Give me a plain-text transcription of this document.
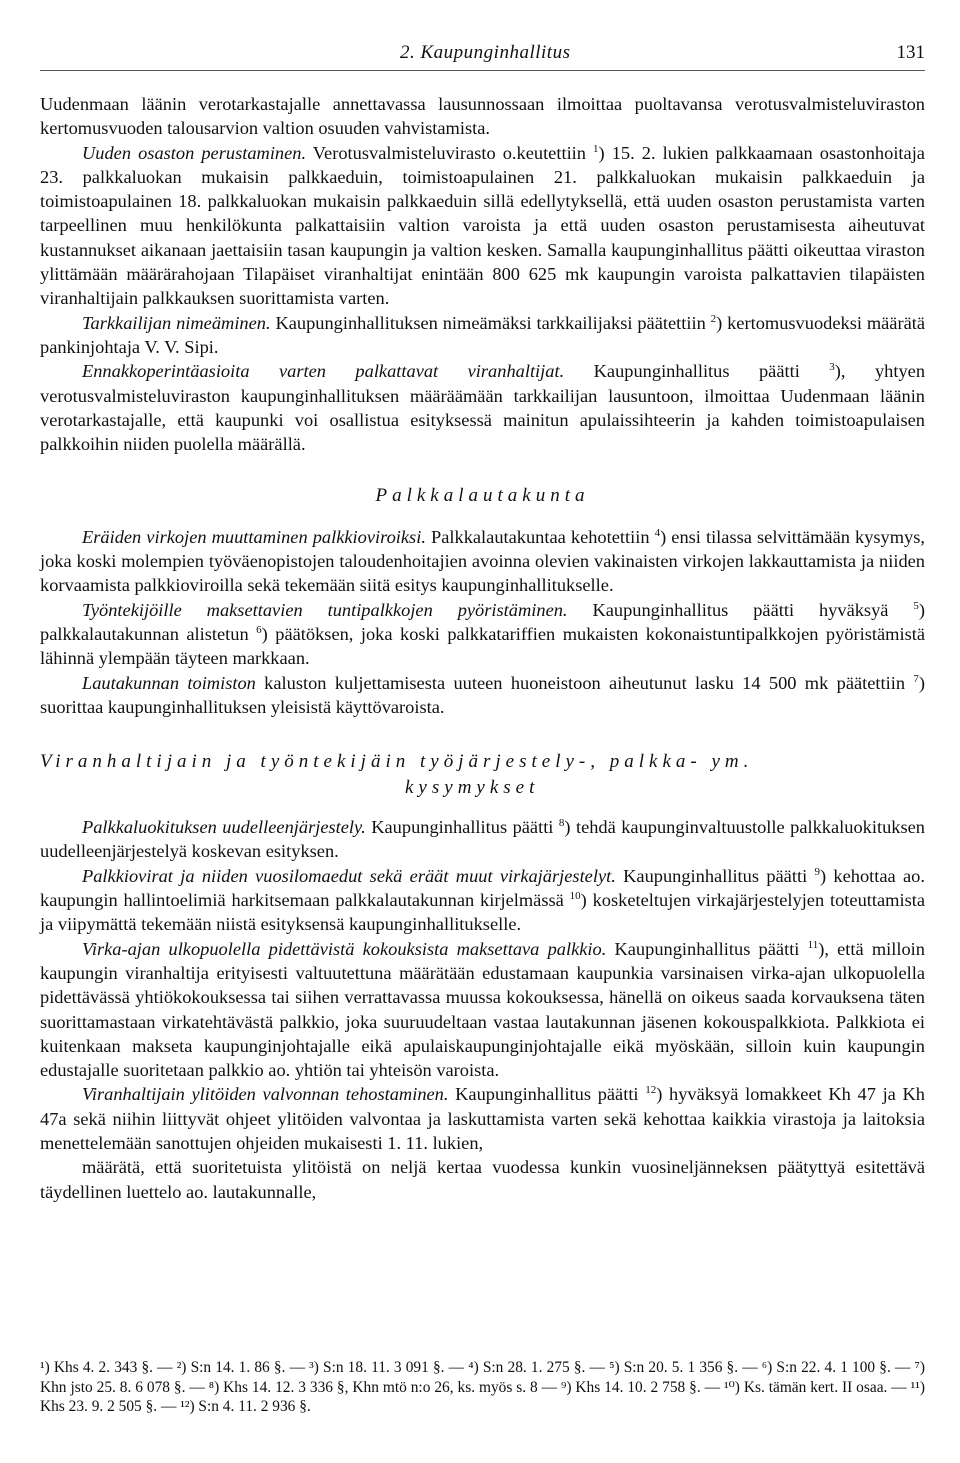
2. Kaupunginhallitus	131

Uudenmaan läänin verotarkastajalle annettavassa lausunnossaan ilmoittaa puoltavansa verotusvalmisteluviraston kertomusvuoden talousarvion valtion osuuden vahvistamista.

Uuden osaston perustaminen. Verotusvalmisteluvirasto o.keutettiin $^1$) 15. 2. lukien palkkaamaan osastonhoitaja 23. palkkaluokan mukaisin palkkaeduin, toimistoapulainen 21. palkkaluokan mukaisin palkkaeduin ja toimistoapulainen 18. palkkaluokan mukaisin palkkaeduin sillä edellytyksellä, että uuden osaston perustamista varten tarpeellinen muu henkilökunta palkattaisiin valtion varoista ja että uuden osaston perustamisesta aiheutuvat kustannukset aikanaan jaettaisiin tasan kaupungin ja valtion kesken. Samalla kaupunginhallitus päätti oikeuttaa viraston ylittämään määrärahojaan Tilapäiset viranhaltijat enintään 800 625 mk kaupungin varoista palkattavien tilapäisten viranhaltijain palkkauksen suorittamista varten.

Tarkkailijan nimeäminen. Kaupunginhallituksen nimeämäksi tarkkailijaksi päätettiin $^2$) kertomusvuodeksi määrätä pankinjohtaja V. V. Sipi.

Ennakkoperintäasioita varten palkattavat viranhaltijat. Kaupunginhallitus päätti $^3$), yhtyen verotusvalmisteluviraston kaupunginhallituksen määräämään tarkkailijan lausuntoon, ilmoittaa Uudenmaan läänin verotarkastajalle, että kaupunki voi osallistua esityksessä mainitun apulaissihteerin ja kahden toimistoapulaisen palkkoihin niiden puolella määrällä.

Palkkalautakunta

Eräiden virkojen muuttaminen palkkioviroiksi. Palkkalautakuntaa kehotettiin $^4$) ensi tilassa selvittämään kysymys, joka koski molempien työväenopistojen taloudenhoitajien avoinna olevien vakinaisten virkojen lakkauttamista ja niiden korvaamista palkkioviroilla sekä tekemään siitä esitys kaupunginhallitukselle.

Työntekijöille maksettavien tuntipalkkojen pyöristäminen. Kaupunginhallitus päätti hyväksyä $^5$) palkkalautakunnan alistetun $^6$) päätöksen, joka koski palkkatariffien mukaisten kokonaistuntipalkkojen pyöristämistä lähinnä ylempään täyteen markkaan.

Lautakunnan toimiston kaluston kuljettamisesta uuteen huoneistoon aiheutunut lasku 14 500 mk päätettiin $^7$) suorittaa kaupunginhallituksen yleisistä käyttövaroista.

Viranhaltijain ja työntekijäin työjärjestely-, palkka- ym.
kysymykset

Palkkaluokituksen uudelleenjärjestely. Kaupunginhallitus päätti $^8$) tehdä kaupunginvaltuustolle palkkaluokituksen uudelleenjärjestelyä koskevan esityksen.

Palkkiovirat ja niiden vuosilomaedut sekä eräät muut virkajärjestelyt. Kaupunginhallitus päätti $^9$) kehottaa ao. kaupungin hallintoelimiä harkitsemaan palkkalautakunnan kirjelmässä $^{10}$) kosketeltujen virkajärjestelyjen toteuttamista ja viipymättä tekemään niistä esityksensä kaupunginhallitukselle.

Virka-ajan ulkopuolella pidettävistä kokouksista maksettava palkkio. Kaupunginhallitus päätti $^{11}$), että milloin kaupungin viranhaltija erityisesti valtuutettuna määrätään edustamaan kaupunkia varsinaisen virka-ajan ulkopuolella pidettävässä yhtiökokouksessa tai siihen verrattavassa muussa kokouksessa, hänellä on oikeus saada korvauksena täten suorittamastaan virkatehtävästä palkkio, joka suuruudeltaan vastaa lautakunnan jäsenen kokouspalkkiota. Palkkiota ei kuitenkaan makseta kaupunginjohtajalle eikä apulaiskaupunginjohtajalle eikä myöskään, silloin kuin kaupungin edustajalle suoritetaan palkkio ao. yhtiön tai yhteisön varoista.

Viranhaltijain ylitöiden valvonnan tehostaminen. Kaupunginhallitus päätti $^{12}$) hyväksyä lomakkeet Kh 47 ja Kh 47a sekä niihin liittyvät ohjeet ylitöiden valvontaa ja laskuttamista varten sekä kehottaa kaikkia virastoja ja laitoksia menettelemään sanottujen ohjeiden mukaisesti 1. 11. lukien,

määrätä, että suoritetuista ylitöistä on neljä kertaa vuodessa kunkin vuosineljänneksen päätyttyä esitettävä täydellinen luettelo ao. lautakunnalle,

¹) Khs 4. 2. 343 §. — ²) S:n 14. 1. 86 §. — ³) S:n 18. 11. 3 091 §. — ⁴) S:n 28. 1. 275 §. — ⁵) S:n 20. 5. 1 356 §. — ⁶) S:n 22. 4. 1 100 §. — ⁷) Khn jsto 25. 8. 6 078 §. — ⁸) Khs 14. 12. 3 336 §, Khn mtö n:o 26, ks. myös s. 8 — ⁹) Khs 14. 10. 2 758 §. — ¹⁰) Ks. tämän kert. II osaa. — ¹¹) Khs 23. 9. 2 505 §. — ¹²) S:n 4. 11. 2 936 §.
